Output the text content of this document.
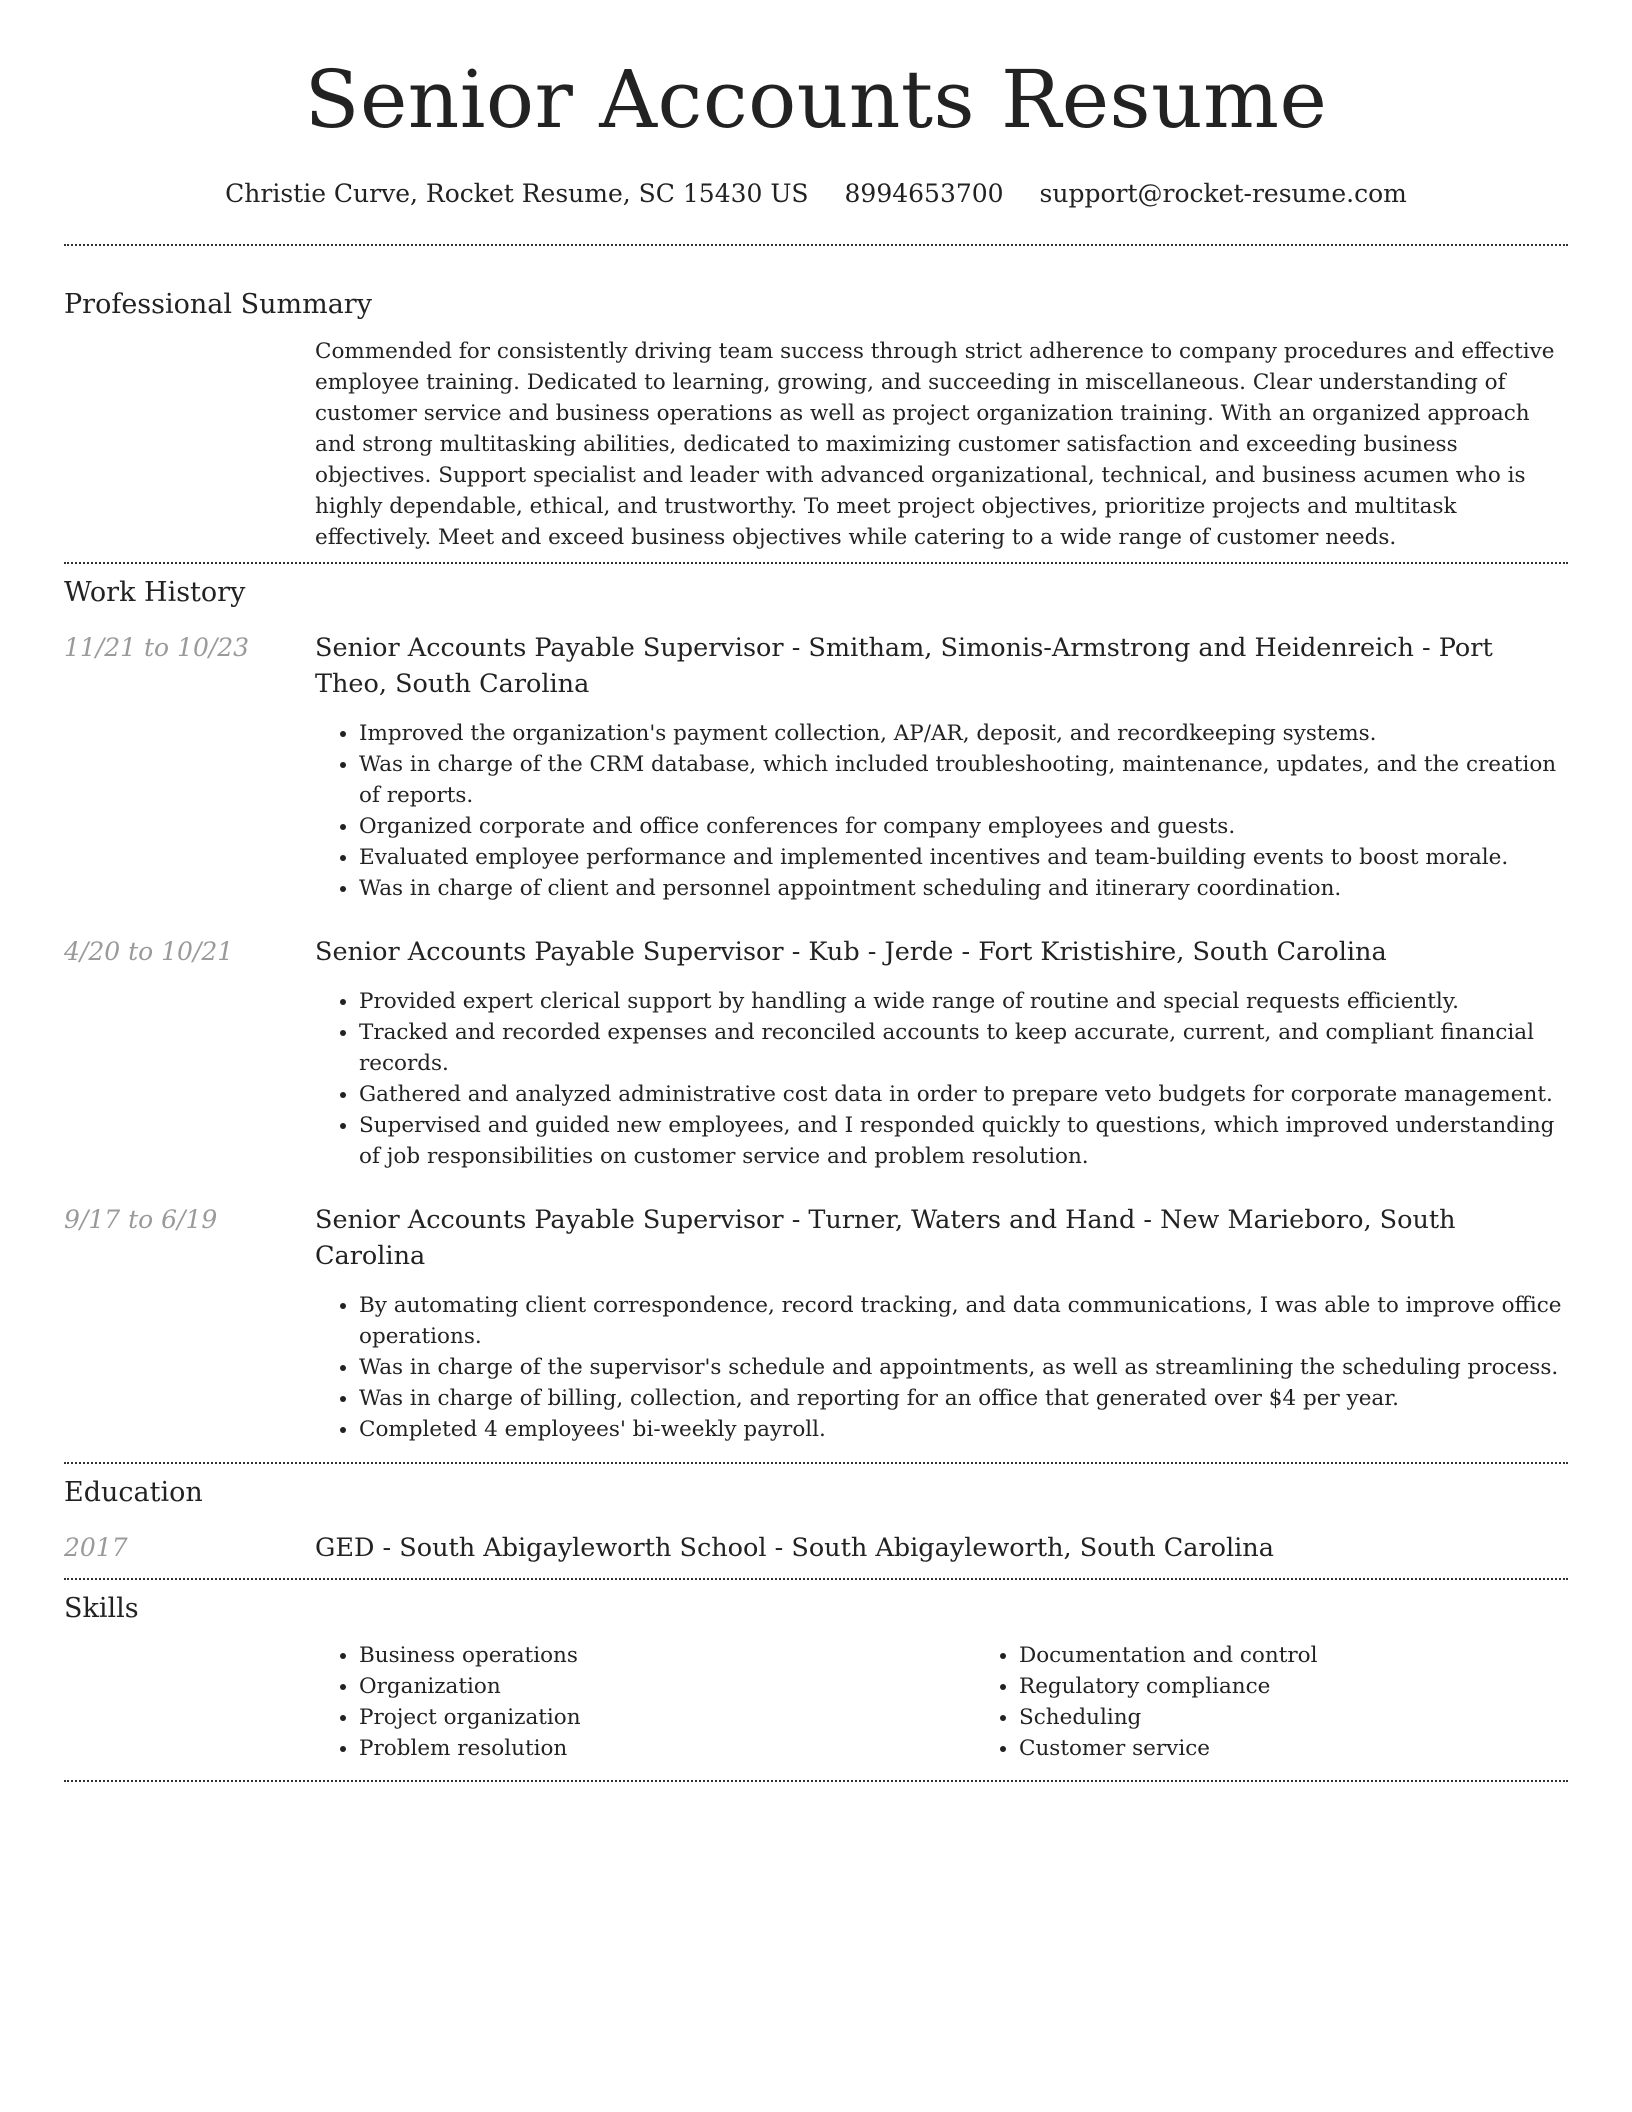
Senior Accounts Resume
Christie Curve, Rocket Resume, SC 15430 US 8994653700 support@rocket-resume.com
Professional Summary

Commended for consistently driving team success through strict adherence to company procedures and effective employee training. Dedicated to learning, growing, and succeeding in miscellaneous. Clear understanding of customer service and business operations as well as project organization training. With an organized approach and strong multitasking abilities, dedicated to maximizing customer satisfaction and exceeding business objectives. Support specialist and leader with advanced organizational, technical, and business acumen who is highly dependable, ethical, and trustworthy. To meet project objectives, prioritize projects and multitask effectively. Meet and exceed business objectives while catering to a wide range of customer needs.

Work History
11/21 to 10/23	Senior Accounts Payable Supervisor - Smitham, Simonis-Armstrong and Heidenreich - Port Theo, South Carolina

• Improved the organization's payment collection, AP/AR, deposit, and recordkeeping systems.
• Was in charge of the CRM database, which included troubleshooting, maintenance, updates, and the creation of reports.
• Organized corporate and office conferences for company employees and guests.
• Evaluated employee performance and implemented incentives and team-building events to boost morale.
• Was in charge of client and personnel appointment scheduling and itinerary coordination.
4/20 to 10/21	Senior Accounts Payable Supervisor - Kub - Jerde - Fort Kristishire, South Carolina

• Provided expert clerical support by handling a wide range of routine and special requests efficiently.
• Tracked and recorded expenses and reconciled accounts to keep accurate, current, and compliant financial records.
• Gathered and analyzed administrative cost data in order to prepare veto budgets for corporate management.
• Supervised and guided new employees, and I responded quickly to questions, which improved understanding of job responsibilities on customer service and problem resolution.
9/17 to 6/19	Senior Accounts Payable Supervisor - Turner, Waters and Hand - New Marieboro, South Carolina

• By automating client correspondence, record tracking, and data communications, I was able to improve office operations.
• Was in charge of the supervisor's schedule and appointments, as well as streamlining the scheduling process.
• Was in charge of billing, collection, and reporting for an office that generated over $4 per year.
• Completed 4 employees' bi-weekly payroll.
Education
2017	GED - South Abigayleworth School - South Abigayleworth, South Carolina

Skills
• Business operations
• Organization
• Project organization
• Problem resolution
• Documentation and control
• Regulatory compliance
• Scheduling
• Customer service
